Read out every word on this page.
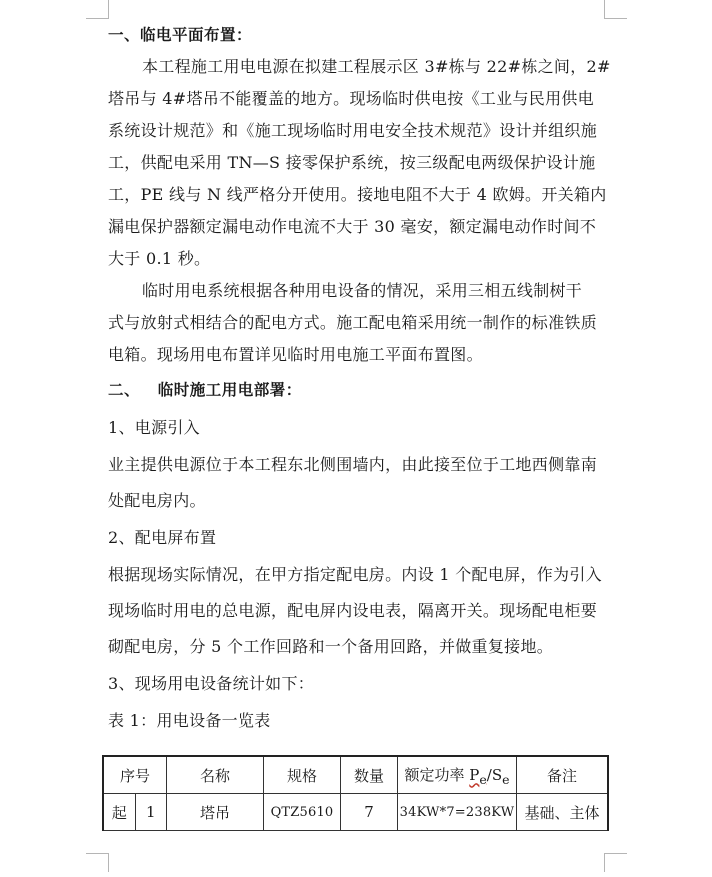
一、临电平面布置：
本工程施工用电电源在拟建工程展示区 3#栋与 22#栋之间，2#
塔吊与 4#塔吊不能覆盖的地方。现场临时供电按《工业与民用供电
系统设计规范》和《施工现场临时用电安全技术规范》设计并组织施
工，供配电采用 TN—S 接零保护系统，按三级配电两级保护设计施
工，PE 线与 N 线严格分开使用。接地电阻不大于 4 欧姆。开关箱内
漏电保护器额定漏电动作电流不大于 30 毫安，额定漏电动作时间不
大于 0.1 秒。
临时用电系统根据各种用电设备的情况，采用三相五线制树干
式与放射式相结合的配电方式。施工配电箱采用统一制作的标准铁质
电箱。现场用电布置详见临时用电施工平面布置图。
二、   临时施工用电部署：
1、电源引入
业主提供电源位于本工程东北侧围墙内，由此接至位于工地西侧靠南
处配电房内。
2、配电屏布置
根据现场实际情况，在甲方指定配电房。内设 1 个配电屏，作为引入
现场临时用电的总电源，配电屏内设电表，隔离开关。现场配电柜要
砌配电房，分 5 个工作回路和一个备用回路，并做重复接地。
3、现场用电设备统计如下：
表 1：用电设备一览表
序号		名称	规格	数量	额定功率 $P_e/S_e$	备注
起	1	塔吊	QTZ5610	7	34KW*7=238KW	基础、主体
